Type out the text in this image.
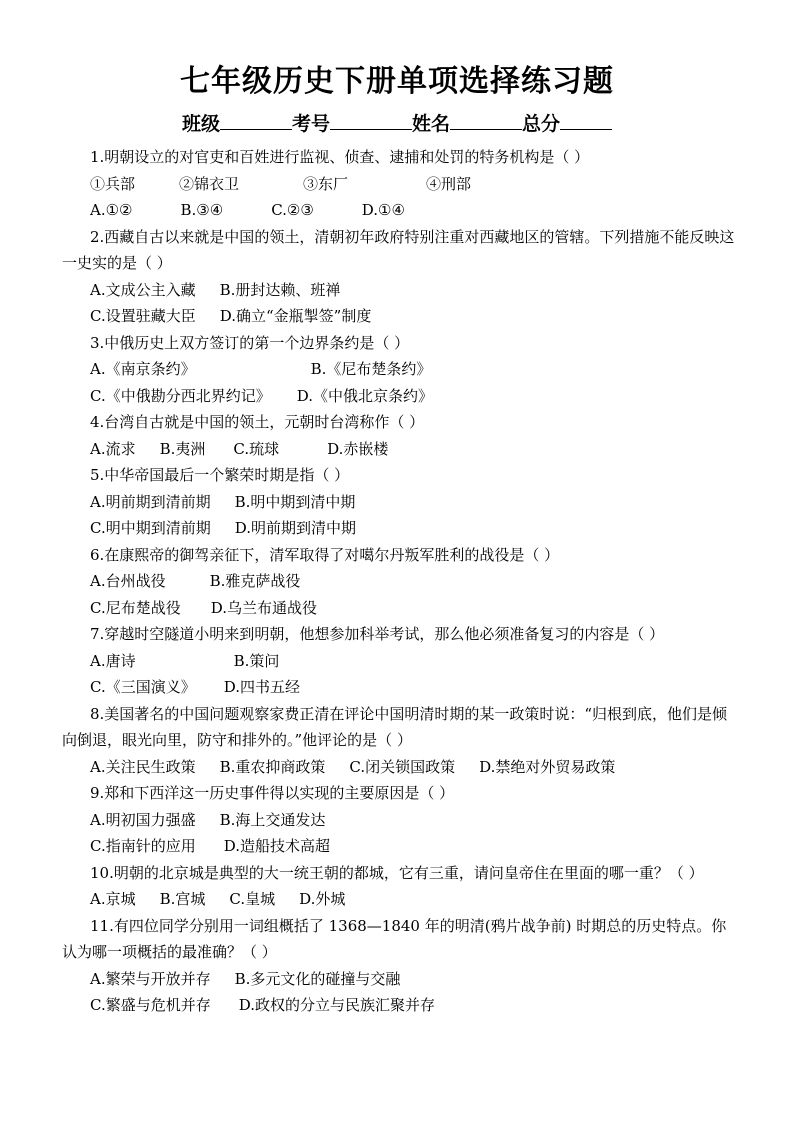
七年级历史下册单项选择练习题
班级	考号	姓名	总分

1.明朝设立的对官吏和百姓进行监视、侦查、逮捕和处罚的特务机构是（ ）

①兵部	②锦衣卫	③东厂	④刑部

A.①②	B.③④	C.②③	D.①④

2.西藏自古以来就是中国的领土，清朝初年政府特别注重对西藏地区的管辖。下列措施不能反映这一史实的是（ ）

A.文成公主入藏 B.册封达赖、班禅

C.设置驻藏大臣 D.确立“金瓶掣签”制度

3.中俄历史上双方签订的第一个边界条约是（ ）

A.《南京条约》	B.《尼布楚条约》

C.《中俄勘分西北界约记》 D.《中俄北京条约》

4.台湾自古就是中国的领土，元朝时台湾称作（ ）

A.流求 B.夷洲 C.琉球	D.赤嵌楼

5.中华帝国最后一个繁荣时期是指（ ）

A.明前期到清前期 B.明中期到清中期

C.明中期到清前期 D.明前期到清中期

6.在康熙帝的御驾亲征下，清军取得了对噶尔丹叛军胜利的战役是（ ）

A.台州战役	B.雅克萨战役

C.尼布楚战役 D.乌兰布通战役

7.穿越时空隧道小明来到明朝，他想参加科举考试，那么他必须准备复习的内容是（ ）

A.唐诗	B.策问

C.《三国演义》 D.四书五经

8.美国著名的中国问题观察家费正清在评论中国明清时期的某一政策时说：“归根到底，他们是倾向倒退，眼光向里，防守和排外的。”他评论的是（ ）

A.关注民生政策 B.重农抑商政策 C.闭关锁国政策 D.禁绝对外贸易政策

9.郑和下西洋这一历史事件得以实现的主要原因是（ ）

A.明初国力强盛 B.海上交通发达

C.指南针的应用 D.造船技术高超

10.明朝的北京城是典型的大一统王朝的都城，它有三重，请问皇帝住在里面的哪一重？（ ）

A.京城 B.宫城 C.皇城 D.外城

11.有四位同学分别用一词组概括了 1368—1840 年的明清(鸦片战争前) 时期总的历史特点。你认为哪一项概括的最准确？（ ）

A.繁荣与开放并存 B.多元文化的碰撞与交融

C.繁盛与危机并存 D.政权的分立与民族汇聚并存
